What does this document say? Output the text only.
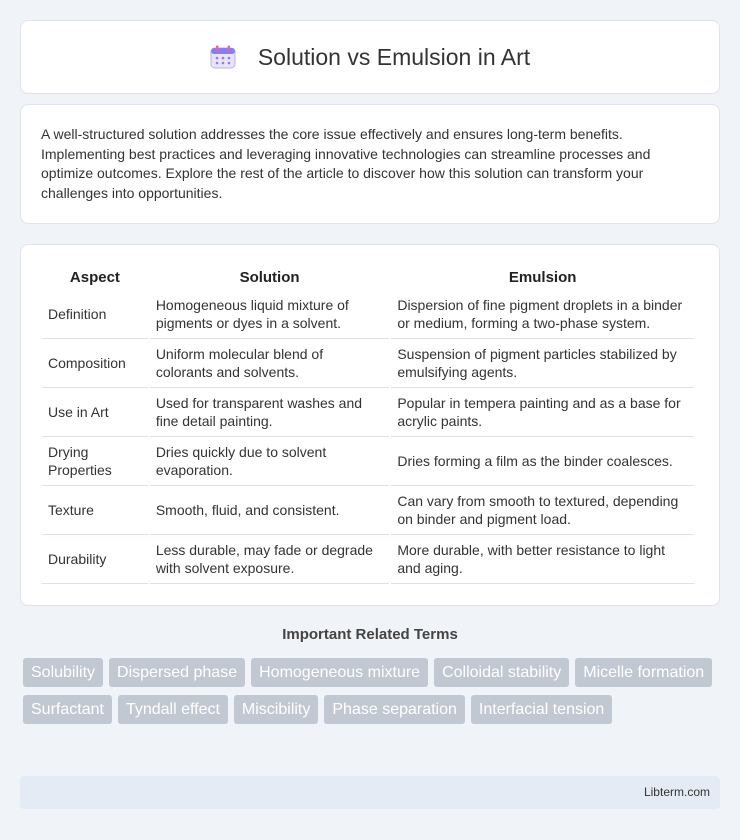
Solution vs Emulsion in Art

A well-structured solution addresses the core issue effectively and ensures long-term benefits. Implementing best practices and leveraging innovative technologies can streamline processes and optimize outcomes. Explore the rest of the article to discover how this solution can transform your challenges into opportunities.

Aspect	Solution	Emulsion
Definition	Homogeneous liquid mixture of pigments or dyes in a solvent.	Dispersion of fine pigment droplets in a binder or medium, forming a two-phase system.
Composition	Uniform molecular blend of colorants and solvents.	Suspension of pigment particles stabilized by emulsifying agents.
Use in Art	Used for transparent washes and fine detail painting.	Popular in tempera painting and as a base for acrylic paints.
Drying Properties	Dries quickly due to solvent evaporation.	Dries forming a film as the binder coalesces.
Texture	Smooth, fluid, and consistent.	Can vary from smooth to textured, depending on binder and pigment load.
Durability	Less durable, may fade or degrade with solvent exposure.	More durable, with better resistance to light and aging.
Important Related Terms
Solubility	Dispersed phase	Homogeneous mixture	Colloidal stability	Micelle formation
Surfactant	Tyndall effect	Miscibility	Phase separation	Interfacial tension
Libterm.com
